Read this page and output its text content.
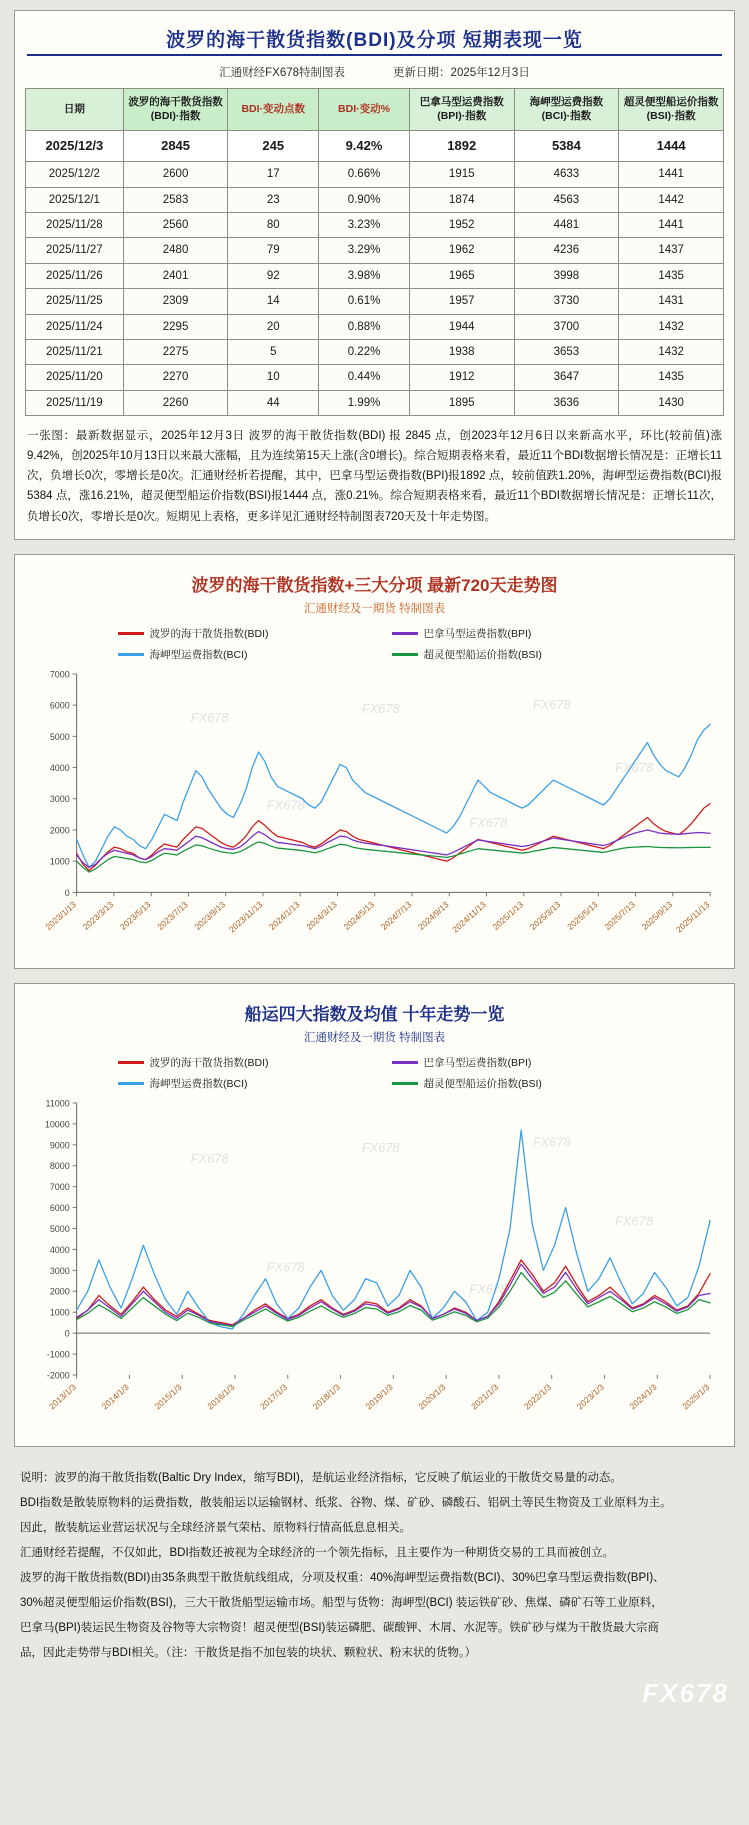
波罗的海干散货指数(BDI)及分项 短期表现一览
汇通财经FX678特制图表	更新日期：2025年12月3日
日期	波罗的海干散货指数(BDI)·指数	BDI·变动点数	BDI·变动%	巴拿马型运费指数(BPI)·指数	海岬型运费指数(BCI)·指数	超灵便型船运价指数(BSI)·指数
2025/12/3	2845	245	9.42%	1892	5384	1444
2025/12/2	2600	17	0.66%	1915	4633	1441
2025/12/1	2583	23	0.90%	1874	4563	1442
2025/11/28	2560	80	3.23%	1952	4481	1441
2025/11/27	2480	79	3.29%	1962	4236	1437
2025/11/26	2401	92	3.98%	1965	3998	1435
2025/11/25	2309	14	0.61%	1957	3730	1431
2025/11/24	2295	20	0.88%	1944	3700	1432
2025/11/21	2275	5	0.22%	1938	3653	1432
2025/11/20	2270	10	0.44%	1912	3647	1435
2025/11/19	2260	44	1.99%	1895	3636	1430
一张图：最新数据显示，2025年12月3日 波罗的海干散货指数(BDI) 报 2845 点，创2023年12月6日以来新高水平，环比(较前值)涨9.42%，创2025年10月13日以来最大涨幅，且为连续第15天上涨(含0增长)。综合短期表格来看，最近11个BDI数据增长情况是：正增长11次，负增长0次，零增长是0次。汇通财经析若提醒，其中，巴拿马型运费指数(BPI)报1892 点，较前值跌1.20%，海岬型运费指数(BCI)报5384 点，涨16.21%，超灵便型船运价指数(BSI)报1444 点，涨0.21%。综合短期表格来看，最近11个BDI数据增长情况是：正增长11次，负增长0次，零增长是0次。短期见上表格，更多详见汇通财经特制图表720天及十年走势图。
波罗的海干散货指数+三大分项 最新720天走势图
汇通财经及一期货 特制图表
波罗的海干散货指数(BDI)	巴拿马型运费指数(BPI)
海岬型运费指数(BCI)	超灵便型船运价指数(BSI)
FX678
FX678	FX678
FX678
FX678
FX678
0
1000
2000
3000
4000
5000
6000
7000
2023/1/13 2023/3/13 2023/5/13 2023/7/13 2023/9/13 2023/11/13 2024/1/13 2024/3/13 2024/5/13 2024/7/13 2024/9/13 2024/11/13 2025/1/13 2025/3/13 2025/5/13 2025/7/13 2025/9/13 2025/11/13
船运四大指数及均值 十年走势一览
汇通财经及一期货 特制图表
波罗的海干散货指数(BDI)	巴拿马型运费指数(BPI)
海岬型运费指数(BCI)	超灵便型船运价指数(BSI)
FX678
FX678	FX678
FX678
FX678
FX678
-2000
-1000
0
1000
2000
3000
4000
5000
6000
7000
8000
9000
10000
11000
2013/1/3	2014/1/3	2015/1/3	2016/1/3	2017/1/3	2018/1/3	2019/1/3	2020/1/3	2021/1/3	2022/1/3	2023/1/3	2024/1/3	2025/1/3

说明：波罗的海干散货指数(Baltic Dry Index，缩写BDI)，是航运业经济指标，它反映了航运业的干散货交易量的动态。

BDI指数是散装原物料的运费指数，散装船运以运输钢材、纸浆、谷物、煤、矿砂、磷酸石、铝矾土等民生物资及工业原料为主。

因此，散装航运业营运状况与全球经济景气荣枯、原物料行情高低息息相关。

汇通财经若提醒，不仅如此，BDI指数还被视为全球经济的一个领先指标，且主要作为一种期货交易的工具而被创立。

波罗的海干散货指数(BDI)由35条典型干散货航线组成，分项及权重：40%海岬型运费指数(BCI)、30%巴拿马型运费指数(BPI)、

30%超灵便型船运价指数(BSI)，三大干散货船型运输市场。船型与货物：海岬型(BCI) 装运铁矿砂、焦煤、磷矿石等工业原料，

巴拿马(BPI)装运民生物资及谷物等大宗物资！超灵便型(BSI)装运磷肥、碳酸钾、木屑、水泥等。铁矿砂与煤为干散货最大宗商

品，因此走势带与BDI相关。（注：干散货是指不加包装的块状、颗粒状、粉末状的货物。）

FX678
